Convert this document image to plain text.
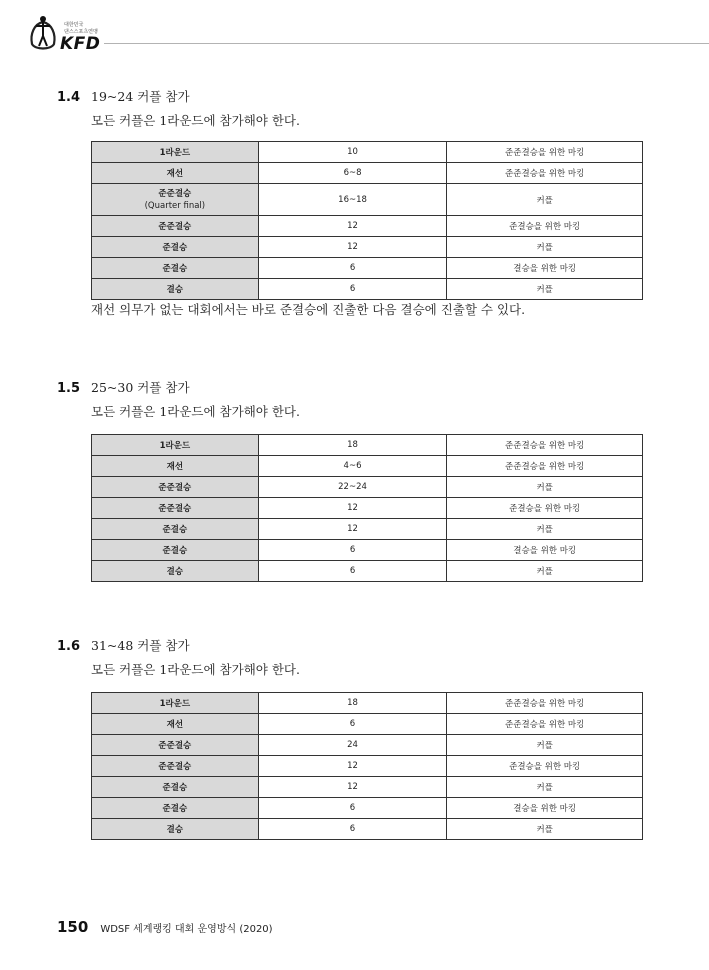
대한민국
댄스스포츠연맹
KFD
1.4 19~24 커플 참가
모든 커플은 1라운드에 참가해야 한다.
1라운드	10	준준결승을 위한 마킹
재선	6~8	준준결승을 위한 마킹

준준결승
(Quarter final)	16~18	커플
준준결승	12	준결승을 위한 마킹
준결승	12	커플
준결승	6	결승을 위한 마킹
결승	6	커플
재선 의무가 없는 대회에서는 바로 준결승에 진출한 다음 결승에 진출할 수 있다.
1.5 25~30 커플 참가
모든 커플은 1라운드에 참가해야 한다.
1라운드	18	준준결승을 위한 마킹
재선	4~6	준준결승을 위한 마킹
준준결승	22~24	커플
준준결승	12	준결승을 위한 마킹
준결승	12	커플
준결승	6	결승을 위한 마킹
결승	6	커플
1.6 31~48 커플 참가
모든 커플은 1라운드에 참가해야 한다.
1라운드	18	준준결승을 위한 마킹
재선	6	준준결승을 위한 마킹
준준결승	24	커플
준준결승	12	준결승을 위한 마킹
준결승	12	커플
준결승	6	결승을 위한 마킹
결승	6	커플
150 WDSF 세계랭킹 대회 운영방식 (2020)
